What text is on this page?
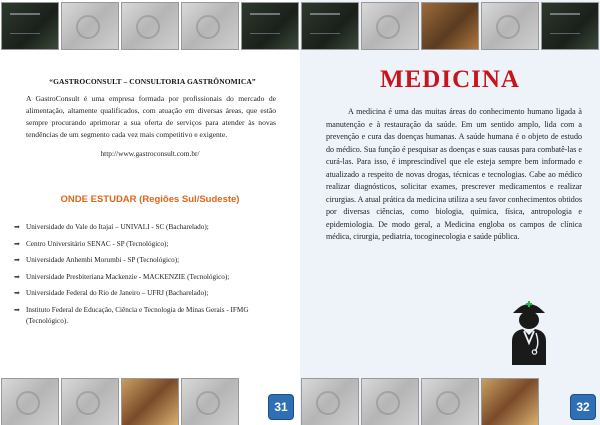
“GASTROCONSULT – CONSULTORIA GASTRÔNOMICA”
A GastroConsult é uma empresa formada por profissionais do mercado de alimentação, altamente qualificados, com atuação em diversas áreas, que estão sempre procurando aprimorar a sua oferta de serviços para atender às novas tendências de um segmento cada vez mais competitivo e exigente.
http://www.gastroconsult.com.br/
ONDE ESTUDAR (Regiões Sul/Sudeste)
➡ Universidade do Vale do Itajaí – UNIVALI - SC (Bacharelado);
➡ Centro Universitário SENAC - SP (Tecnológico);
➡ Universidade Anhembi Morumbi - SP (Tecnológico);
➡ Universidade Presbiteriana Mackenzie - MACKENZIE (Tecnológico);
➡ Universidade Federal do Rio de Janeiro – UFRJ (Bacharelado);
➡ Instituto Federal de Educação, Ciência e Tecnologia de Minas Gerais - IFMG (Tecnológico).
31
MEDICINA
A medicina é uma das muitas áreas do conhecimento humano ligada à manutenção e à restauração da saúde. Em um sentido amplo, lida com a prevenção e cura das doenças humanas. A saúde humana é o objeto de estudo do médico. Sua função é pesquisar as doenças e suas causas para combatê-las e curá-las. Para isso, é imprescindível que ele esteja sempre bem informado e atualizado a respeito de novas drogas, técnicas e tecnologias. Cabe ao médico realizar diagnósticos, solicitar exames, prescrever medicamentos e realizar cirurgias. A atual prática da medicina utiliza a seu favor conhecimentos obtidos por diversas ciências, como biologia, química, física, antropologia e epidemiologia. De modo geral, a Medicina engloba os campos de clínica médica, cirurgia, pediatria, tocoginecologia e saúde pública.
32
